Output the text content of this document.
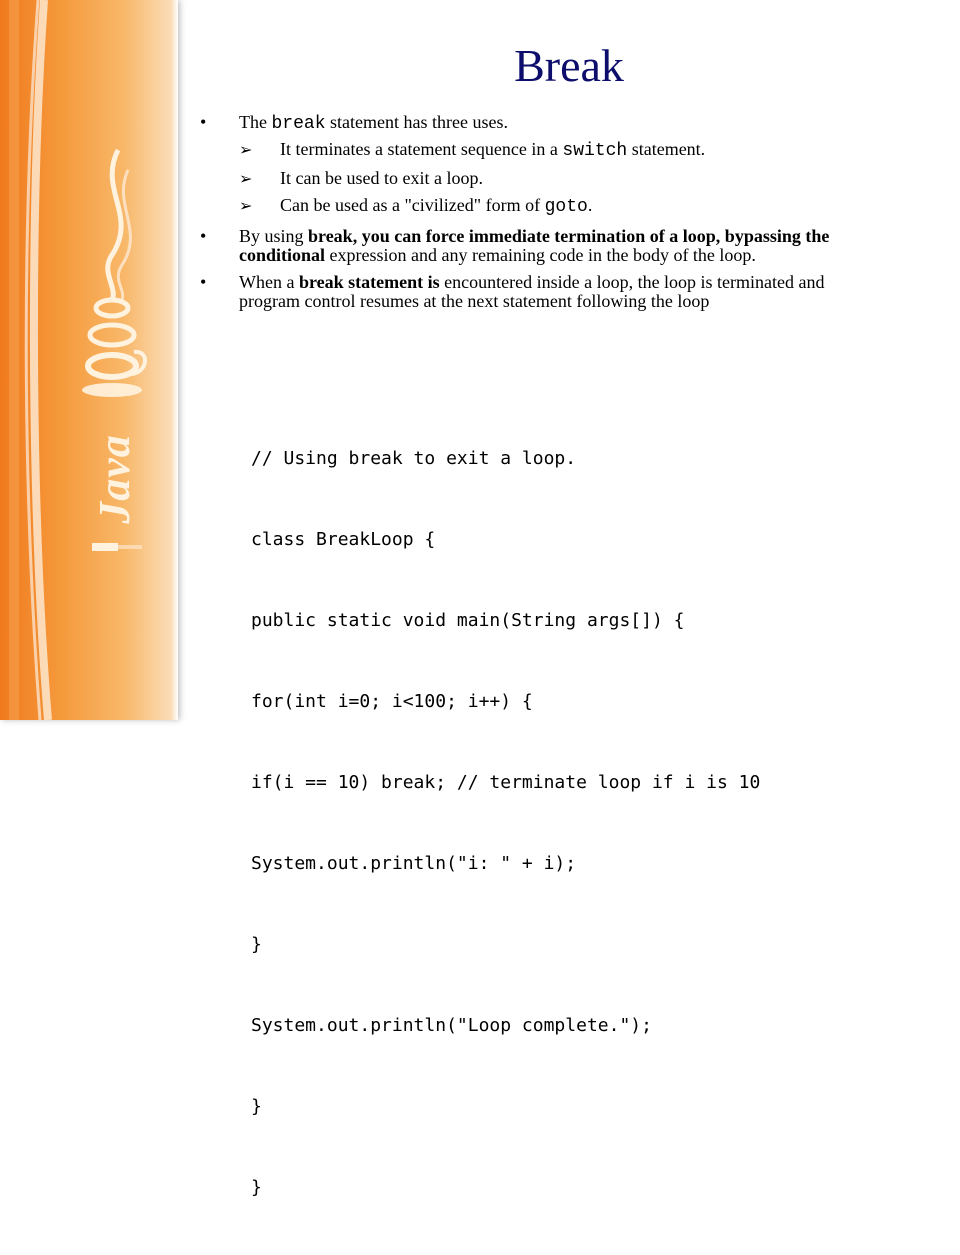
Java
Break
• The break statement has three uses.
➢ It terminates a statement sequence in a switch statement.
➢ It can be used to exit a loop.
➢ Can be used as a "civilized" form of goto.
• By using break, you can force immediate termination of a loop, bypassing the conditional expression and any remaining code in the body of the loop.
• When a break statement is encountered inside a loop, the loop is terminated and program control resumes at the next statement following the loop

// Using break to exit a loop.

class BreakLoop {

public static void main(String args[]) {

for(int i=0; i<100; i++) {

if(i == 10) break; // terminate loop if i is 10

System.out.println("i: " + i);

}

System.out.println("Loop complete.");

}

}
